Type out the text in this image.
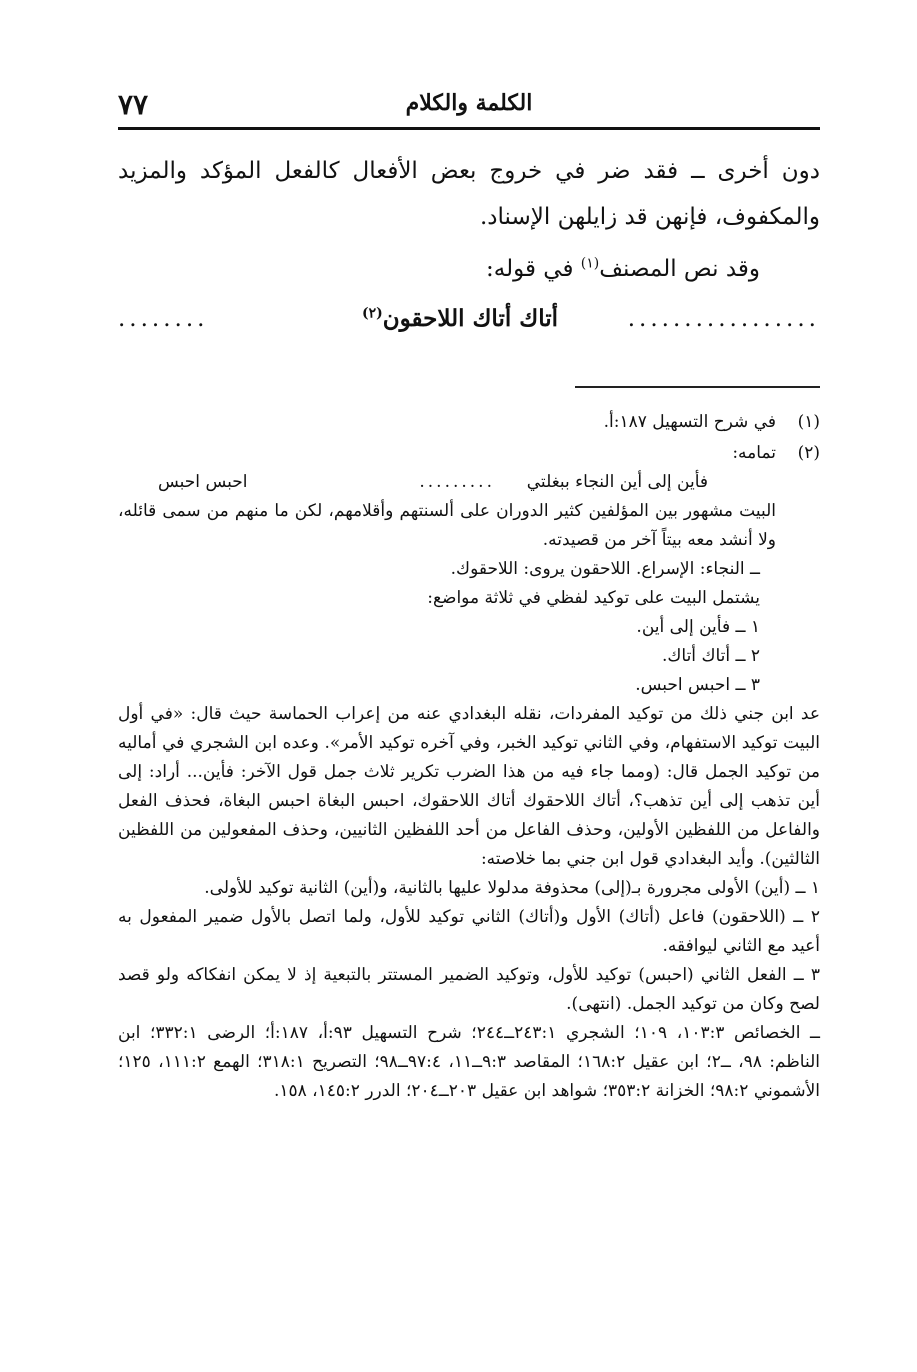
٧٧	الكلمة والكلام

دون أخرى ــ فقد ضر في خروج بعض الأفعال كالفعل المؤكد والمزيد والمكفوف، فإنهن قد زايلهن الإسناد.

وقد نص المصنف$^{(١)}$ في قوله:

.................
أتاك أتاك اللاحقون$^{(٢)}$
........
(١)
في شرح التسهيل ١٨٧:أ.
(٢)
تمامه:
فأين إلى أين النجاء ببغلتي
.........
احبس احبس

البيت مشهور بين المؤلفين كثير الدوران على ألسنتهم وأقلامهم، لكن ما منهم من سمى قائله، ولا أنشد معه بيتاً آخر من قصيدته.

ــ النجاء: الإسراع. اللاحقون يروى: اللاحقوك.

يشتمل البيت على توكيد لفظي في ثلاثة مواضع:

١ ــ فأين إلى أين.

٢ ــ أتاك أتاك.

٣ ــ احبس احبس.

عد ابن جني ذلك من توكيد المفردات، نقله البغدادي عنه من إعراب الحماسة حيث قال: «في أول البيت توكيد الاستفهام، وفي الثاني توكيد الخبر، وفي آخره توكيد الأمر». وعده ابن الشجري في أماليه من توكيد الجمل قال: (ومما جاء فيه من هذا الضرب تكرير ثلاث جمل قول الآخر: فأين... أراد: إلى أين تذهب إلى أين تذهب؟، أتاك اللاحقوك أتاك اللاحقوك، احبس البغاة احبس البغاة، فحذف الفعل والفاعل من اللفظين الأولين، وحذف الفاعل من أحد اللفظين الثانيين، وحذف المفعولين من اللفظين الثالثين). وأيد البغدادي قول ابن جني بما خلاصته:

١ ــ (أين) الأولى مجرورة بـ(إلى) محذوفة مدلولا عليها بالثانية، و(أين) الثانية توكيد للأولى.

٢ ــ (اللاحقون) فاعل (أتاك) الأول و(أتاك) الثاني توكيد للأول، ولما اتصل بالأول ضمير المفعول به أعيد مع الثاني ليوافقه.

٣ ــ الفعل الثاني (احبس) توكيد للأول، وتوكيد الضمير المستتر بالتبعية إذ لا يمكن انفكاكه ولو قصد لصح وكان من توكيد الجمل. (انتهى).

ــ الخصائص ١٠٣:٣، ١٠٩؛ الشجري ٢٤٣:١ــ٢٤٤؛ شرح التسهيل ٩٣:أ، ١٨٧:أ؛ الرضى ٣٣٢:١؛ ابن الناظم: ٩٨، ــ٢؛ ابن عقيل ١٦٨:٢؛ المقاصد ٩:٣ــ١١، ٩٧:٤ــ٩٨؛ التصريح ٣١٨:١؛ الهمع ١١١:٢، ١٢٥؛ الأشموني ٩٨:٢؛ الخزانة ٣٥٣:٢؛ شواهد ابن عقيل ٢٠٣ــ٢٠٤؛ الدرر ١٤٥:٢، ١٥٨.
